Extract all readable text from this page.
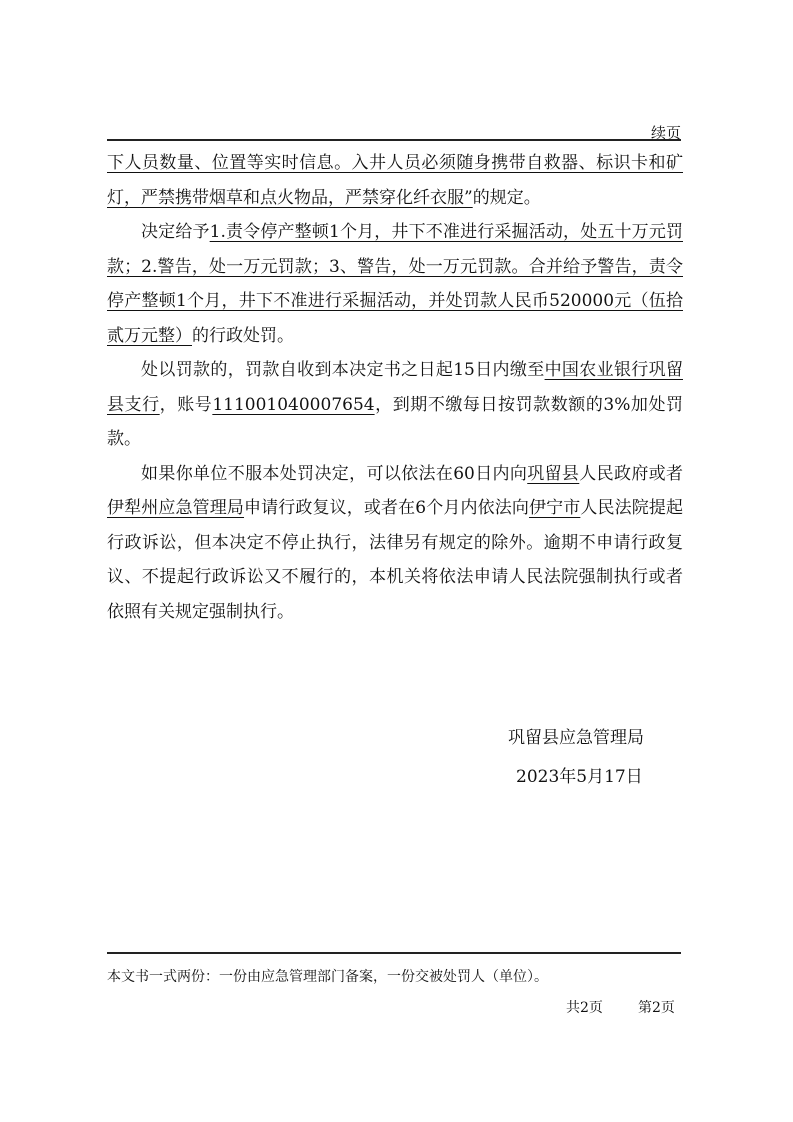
续页

下人员数量、位置等实时信息。入井人员必须随身携带自救器、标识卡和矿灯，严禁携带烟草和点火物品，严禁穿化纤衣服”的规定。

决定给予1.责令停产整顿1个月，井下不准进行采掘活动，处五十万元罚款；2.警告，处一万元罚款；3、警告，处一万元罚款。合并给予警告，责令停产整顿1个月，井下不准进行采掘活动，并处罚款人民币520000元（伍拾贰万元整）的行政处罚。

处以罚款的，罚款自收到本决定书之日起15日内缴至中国农业银行巩留县支行，账号111001040007654，到期不缴每日按罚款数额的3%加处罚款。

如果你单位不服本处罚决定，可以依法在60日内向巩留县人民政府或者伊犁州应急管理局申请行政复议，或者在6个月内依法向伊宁市人民法院提起行政诉讼，但本决定不停止执行，法律另有规定的除外。逾期不申请行政复议、不提起行政诉讼又不履行的，本机关将依法申请人民法院强制执行或者依照有关规定强制执行。

巩留县应急管理局
2023年5月17日
本文书一式两份：一份由应急管理部门备案，一份交被处罚人（单位）。
共2页	第2页
